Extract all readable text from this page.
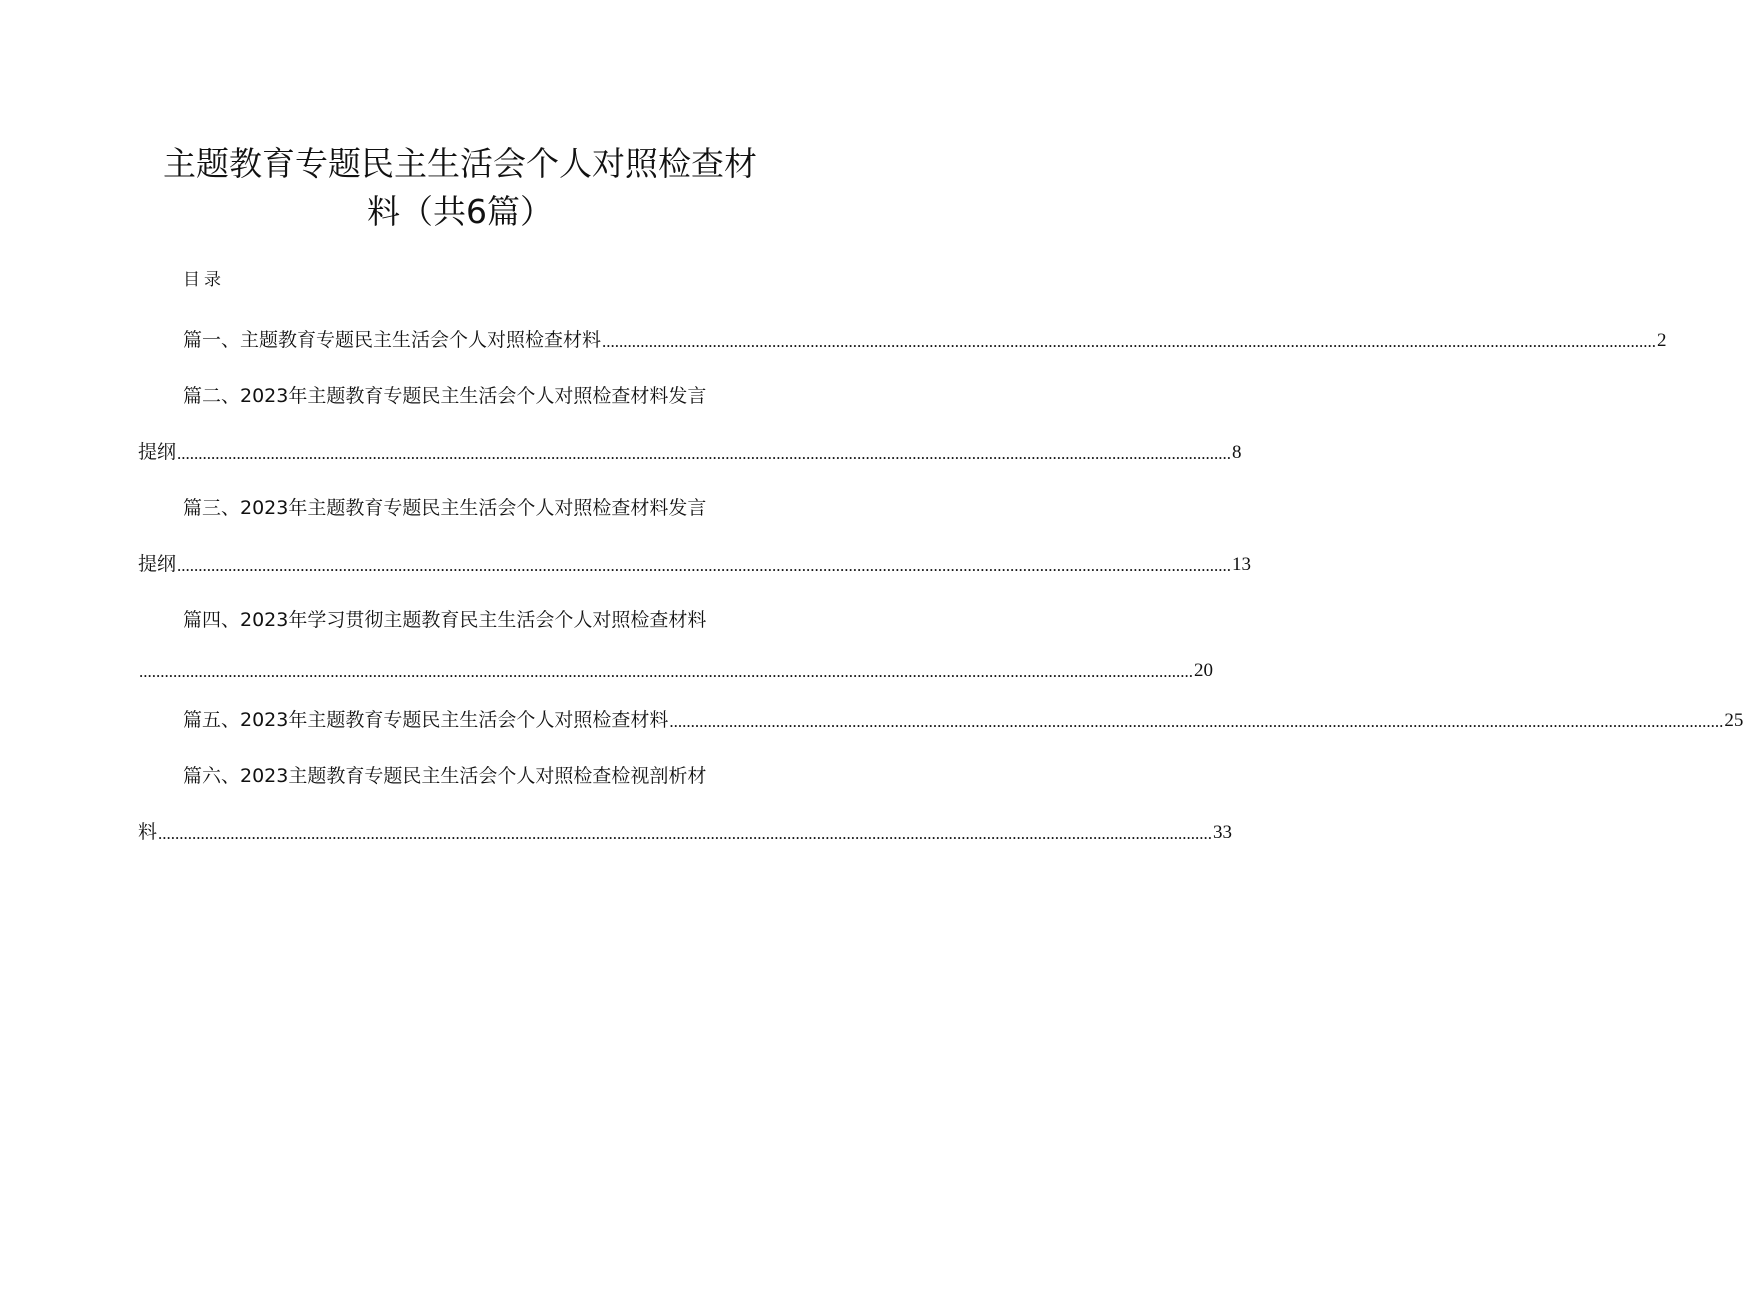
主题教育专题民主生活会个人对照检查材
料（共6篇）
目录
篇一、主题教育专题民主生活会个人对照检查材料 ........................................................................................................................................................................................................................................................ 2
篇二、2023年主题教育专题民主生活会个人对照检查材料发言
提纲 ........................................................................................................................................................................................................................................................ 8
篇三、2023年主题教育专题民主生活会个人对照检查材料发言
提纲 ........................................................................................................................................................................................................................................................ 13
篇四、2023年学习贯彻主题教育民主生活会个人对照检查材料
........................................................................................................................................................................................................................................................ 20
篇五、2023年主题教育专题民主生活会个人对照检查材料 ........................................................................................................................................................................................................................................................ 25
篇六、2023主题教育专题民主生活会个人对照检查检视剖析材
料 ........................................................................................................................................................................................................................................................ 33
